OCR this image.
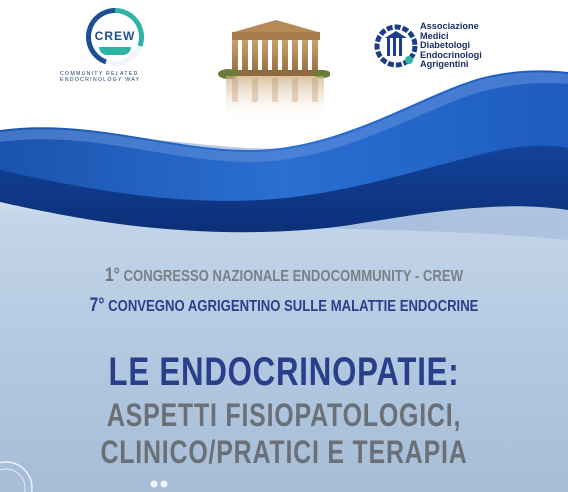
CREW
COMMUNITY RELATED
ENDOCRINOLOGY WAY
Associazione
Medici
Diabetologi
Endocrinologi
Agrigentini
1° CONGRESSO NAZIONALE ENDOCOMMUNITY - CREW
7° CONVEGNO AGRIGENTINO SULLE MALATTIE ENDOCRINE
LE ENDOCRINOPATIE:
ASPETTI FISIOPATOLOGICI,
CLINICO/PRATICI E TERAPIA
